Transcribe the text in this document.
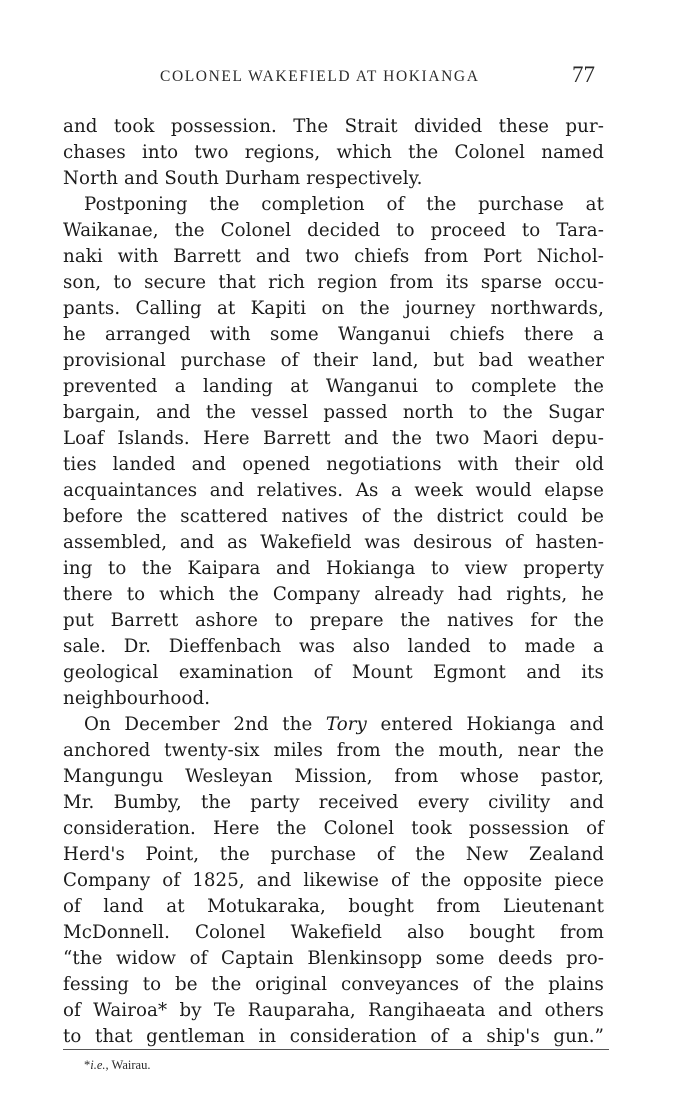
COLONEL WAKEFIELD AT HOKIANGA	77
and took possession. The Strait divided these pur-
chases into two regions, which the Colonel named
North and South Durham respectively.
Postponing the completion of the purchase at
Waikanae, the Colonel decided to proceed to Tara-
naki with Barrett and two chiefs from Port Nichol-
son, to secure that rich region from its sparse occu-
pants. Calling at Kapiti on the journey northwards,
he arranged with some Wanganui chiefs there a
provisional purchase of their land, but bad weather
prevented a landing at Wanganui to complete the
bargain, and the vessel passed north to the Sugar
Loaf Islands. Here Barrett and the two Maori depu-
ties landed and opened negotiations with their old
acquaintances and relatives. As a week would elapse
before the scattered natives of the district could be
assembled, and as Wakefield was desirous of hasten-
ing to the Kaipara and Hokianga to view property
there to which the Company already had rights, he
put Barrett ashore to prepare the natives for the
sale. Dr. Dieffenbach was also landed to made a
geological examination of Mount Egmont and its
neighbourhood.
On December 2nd the Tory entered Hokianga and
anchored twenty-six miles from the mouth, near the
Mangungu Wesleyan Mission, from whose pastor,
Mr. Bumby, the party received every civility and
consideration. Here the Colonel took possession of
Herd's Point, the purchase of the New Zealand
Company of 1825, and likewise of the opposite piece
of land at Motukaraka, bought from Lieutenant
McDonnell. Colonel Wakefield also bought from
“the widow of Captain Blenkinsopp some deeds pro-
fessing to be the original conveyances of the plains
of Wairoa* by Te Rauparaha, Rangihaeata and others
to that gentleman in consideration of a ship's gun.”
*i.e., Wairau.
